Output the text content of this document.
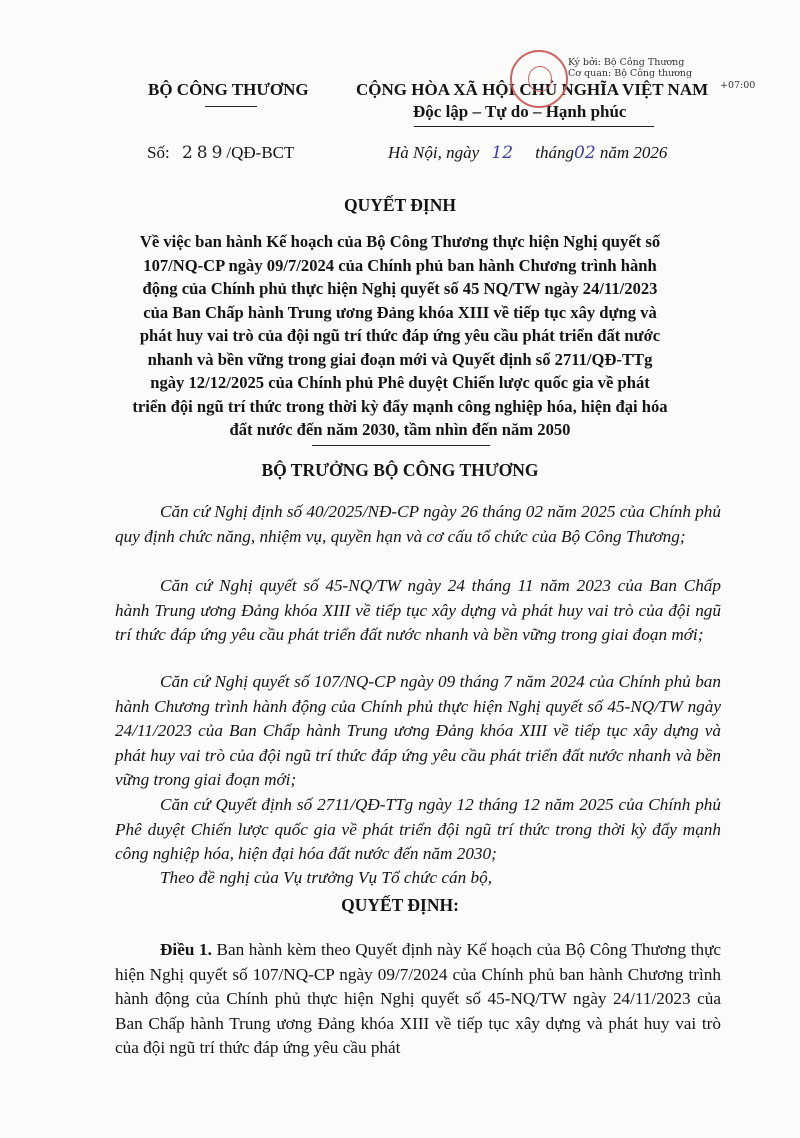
BỘ CÔNG THƯƠNG	CỘNG HÒA XÃ HỘI CHỦ NGHĨA VIỆT NAM
Độc lập – Tự do – Hạnh phúc
Ký bởi: Bộ Công Thương
Cơ quan: Bộ Công thương
+07:00
Số: 289/QĐ-BCT	Hà Nội, ngày 12 tháng02 năm 2026
QUYẾT ĐỊNH
Về việc ban hành Kế hoạch của Bộ Công Thương thực hiện Nghị quyết số
107/NQ-CP ngày 09/7/2024 của Chính phủ ban hành Chương trình hành
động của Chính phủ thực hiện Nghị quyết số 45 NQ/TW ngày 24/11/2023
của Ban Chấp hành Trung ương Đảng khóa XIII về tiếp tục xây dựng và
phát huy vai trò của đội ngũ trí thức đáp ứng yêu cầu phát triển đất nước
nhanh và bền vững trong giai đoạn mới và Quyết định số 2711/QĐ-TTg
ngày 12/12/2025 của Chính phủ Phê duyệt Chiến lược quốc gia về phát
triển đội ngũ trí thức trong thời kỳ đẩy mạnh công nghiệp hóa, hiện đại hóa
đất nước đến năm 2030, tầm nhìn đến năm 2050
BỘ TRƯỞNG BỘ CÔNG THƯƠNG
Căn cứ Nghị định số 40/2025/NĐ-CP ngày 26 tháng 02 năm 2025 của Chính phủ quy định chức năng, nhiệm vụ, quyền hạn và cơ cấu tổ chức của Bộ Công Thương;
Căn cứ Nghị quyết số 45-NQ/TW ngày 24 tháng 11 năm 2023 của Ban Chấp hành Trung ương Đảng khóa XIII về tiếp tục xây dựng và phát huy vai trò của đội ngũ trí thức đáp ứng yêu cầu phát triển đất nước nhanh và bền vững trong giai đoạn mới;
Căn cứ Nghị quyết số 107/NQ-CP ngày 09 tháng 7 năm 2024 của Chính phủ ban hành Chương trình hành động của Chính phủ thực hiện Nghị quyết số 45-NQ/TW ngày 24/11/2023 của Ban Chấp hành Trung ương Đảng khóa XIII về tiếp tục xây dựng và phát huy vai trò của đội ngũ trí thức đáp ứng yêu cầu phát triển đất nước nhanh và bền vững trong giai đoạn mới;
Căn cứ Quyết định số 2711/QĐ-TTg ngày 12 tháng 12 năm 2025 của Chính phủ Phê duyệt Chiến lược quốc gia về phát triển đội ngũ trí thức trong thời kỳ đẩy mạnh công nghiệp hóa, hiện đại hóa đất nước đến năm 2030;
Theo đề nghị của Vụ trưởng Vụ Tổ chức cán bộ,
QUYẾT ĐỊNH:
Điều 1. Ban hành kèm theo Quyết định này Kế hoạch của Bộ Công Thương thực hiện Nghị quyết số 107/NQ-CP ngày 09/7/2024 của Chính phủ ban hành Chương trình hành động của Chính phủ thực hiện Nghị quyết số 45-NQ/TW ngày 24/11/2023 của Ban Chấp hành Trung ương Đảng khóa XIII về tiếp tục xây dựng và phát huy vai trò của đội ngũ trí thức đáp ứng yêu cầu phát
